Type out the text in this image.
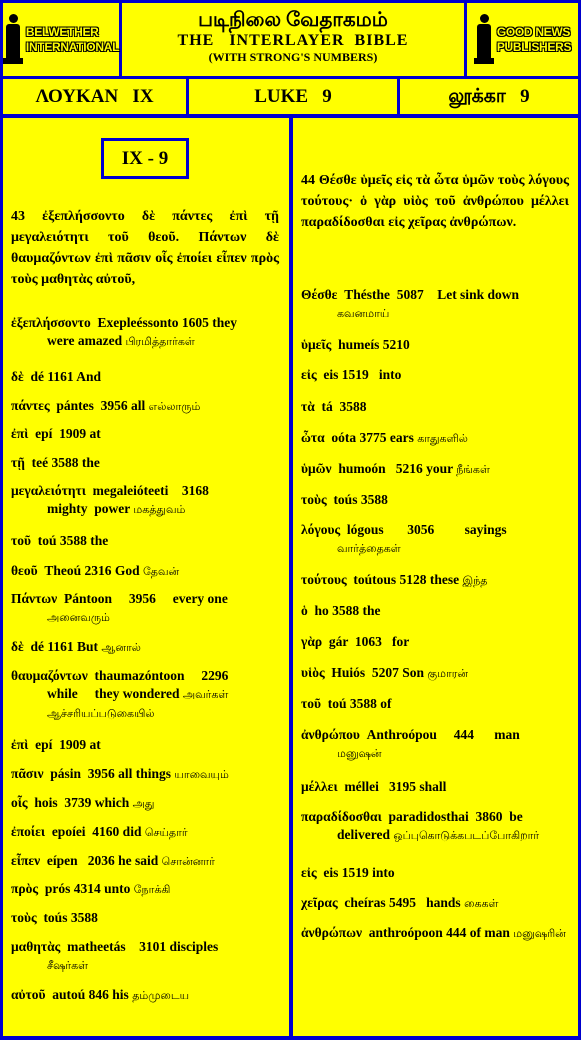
BELWETHER
INTERNATIONAL
படிநிலை வேதாகமம்
THE   INTERLAYER  BIBLE
(WITH STRONG'S NUMBERS)
GOOD NEWS
PUBLISHERS
ΛΟΥΚΑΝ   IX	LUKE   9	லூக்கா   9
IX - 9
43 ἐξεπλήσσοντο δὲ πάντες ἐπὶ τῇ μεγαλειότητι τοῦ θεοῦ. Πάντων δὲ θαυμαζόντων ἐπὶ πᾶσιν οἷς ἐποίει εἶπεν πρὸς τοὺς μαθητὰς αὐτοῦ,
ἐξεπλήσσοντο  Exepleéssonto 1605 they
were amazed பிரமித்தார்கள்
δὲ  dé 1161 And
πάντες  pántes  3956 all எல்லாரும்
ἐπὶ  epí  1909 at
τῇ  teé 3588 the
μεγαλειότητι  megaleióteeti    3168
mighty  power மகத்துவம்
τοῦ  toú 3588 the
θεοῦ  Theoú 2316 God தேவன்
Πάντων  Pántoon     3956     every one
அனைவரும்
δὲ  dé 1161 But ஆனால்
θαυμαζόντων  thaumazóntoon     2296
while     they wondered அவர்கள் ஆச்சரியப்படுகையில்
ἐπὶ  epí  1909 at
πᾶσιν  pásin  3956 all things யாவையும்
οἷς  hois  3739 which அது
ἐποίει  epoíei  4160 did செய்தார்
εἶπεν  eípen   2036 he said சொன்னார்
πρὸς  prós 4314 unto நோக்கி
τοὺς  toús 3588
μαθητὰς  matheetás    3101 disciples
சீஷர்கள்
αὐτοῦ  autoú 846 his தம்முடைய
44 Θέσθε ὑμεῖς εἰς τὰ ὦτα ὑμῶν τοὺς λόγους τούτους· ὁ γὰρ υἱὸς τοῦ ἀνθρώπου μέλλει παραδίδοσθαι εἰς χεῖρας ἀνθρώπων.
Θέσθε  Thésthe  5087    Let sink down
கவனமாய்
ὑμεῖς  humeís 5210
εἰς  eis 1519   into
τὰ  tá  3588
ὦτα  oóta 3775 ears காதுகளில்
ὑμῶν  humoón   5216 your நீங்கள்
τοὺς  toús 3588
λόγους  lógous       3056         sayings
வார்த்தைகள்
τούτους  toútous 5128 these இந்த
ὁ  ho 3588 the
γὰρ  gár  1063   for
υἱὸς  Huiós  5207 Son குமாரன்
τοῦ  toú 3588 of
ἀνθρώπου  Anthroópou     444      man
மனுஷன்
μέλλει  méllei   3195 shall
παραδίδοσθαι  paradidosthai  3860  be
delivered ஒப்புகொடுக்கபடப்போகிறார்
εἰς  eis 1519 into
χεῖρας  cheíras 5495   hands கைகள்
ἀνθρώπων  anthroópoon 444 of man மனுஷரின்
